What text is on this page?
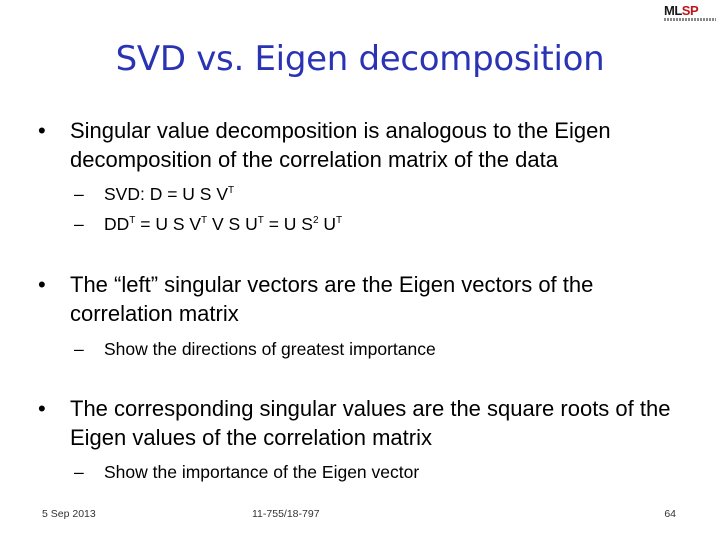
MLSP
SVD vs. Eigen decomposition
• Singular value decomposition is analogous to the Eigen decomposition of the correlation matrix of the data
– SVD: D = U S $V^T$
– $DD^T = U$ S $V^T$ V S $U^T = U$ $S^2$ $U^T$
• The “left” singular vectors are the Eigen vectors of the correlation matrix
– Show the directions of greatest importance
• The corresponding singular values are the square roots of the Eigen values of the correlation matrix
– Show the importance of the Eigen vector
5 Sep 2013	11-755/18-797	64
